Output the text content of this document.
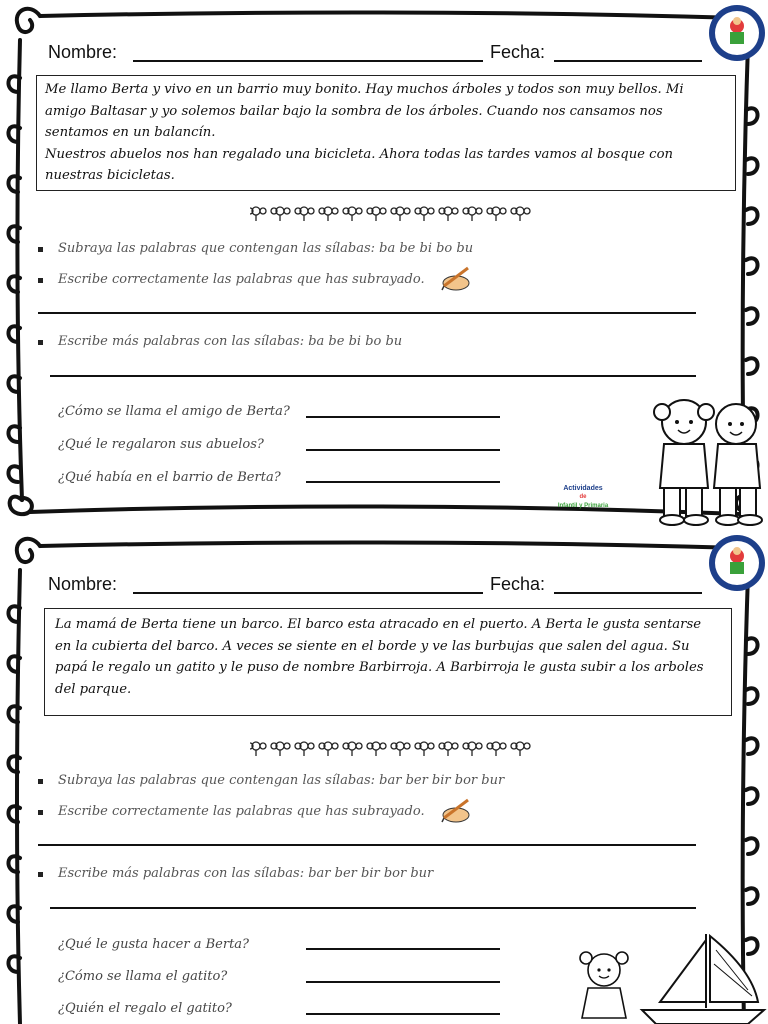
Nombre:	Fecha:

Me llamo Berta y vivo en un barrio muy bonito. Hay muchos árboles y todos son muy bellos. Mi amigo Baltasar y yo solemos bailar bajo la sombra de los árboles. Cuando nos cansamos nos sentamos en un balancín.

Nuestros abuelos nos han regalado una bicicleta. Ahora todas las tardes vamos al bosque con nuestras bicicletas.

Subraya las palabras que contengan las sílabas: ba be bi bo bu
Escribe correctamente las palabras que has subrayado.
Escribe más palabras con las sílabas: ba be bi bo bu
¿Cómo se llama el amigo de Berta?
¿Qué le regalaron sus abuelos?
¿Qué había en el barrio de Berta?
Actividades
de
Infantil y Primaria
Nombre:	Fecha:

La mamá de Berta tiene un barco. El barco esta atracado en el puerto. A Berta le gusta sentarse en la cubierta del barco. A veces se siente en el borde y ve las burbujas que salen del agua. Su papá le regalo un gatito y le puso de nombre Barbirroja. A Barbirroja le gusta subir a los arboles del parque.

Subraya las palabras que contengan las sílabas: bar ber bir bor bur
Escribe correctamente las palabras que has subrayado.
Escribe más palabras con las sílabas: bar ber bir bor bur
¿Qué le gusta hacer a Berta?
¿Cómo se llama el gatito?
¿Quién el regalo el gatito?
